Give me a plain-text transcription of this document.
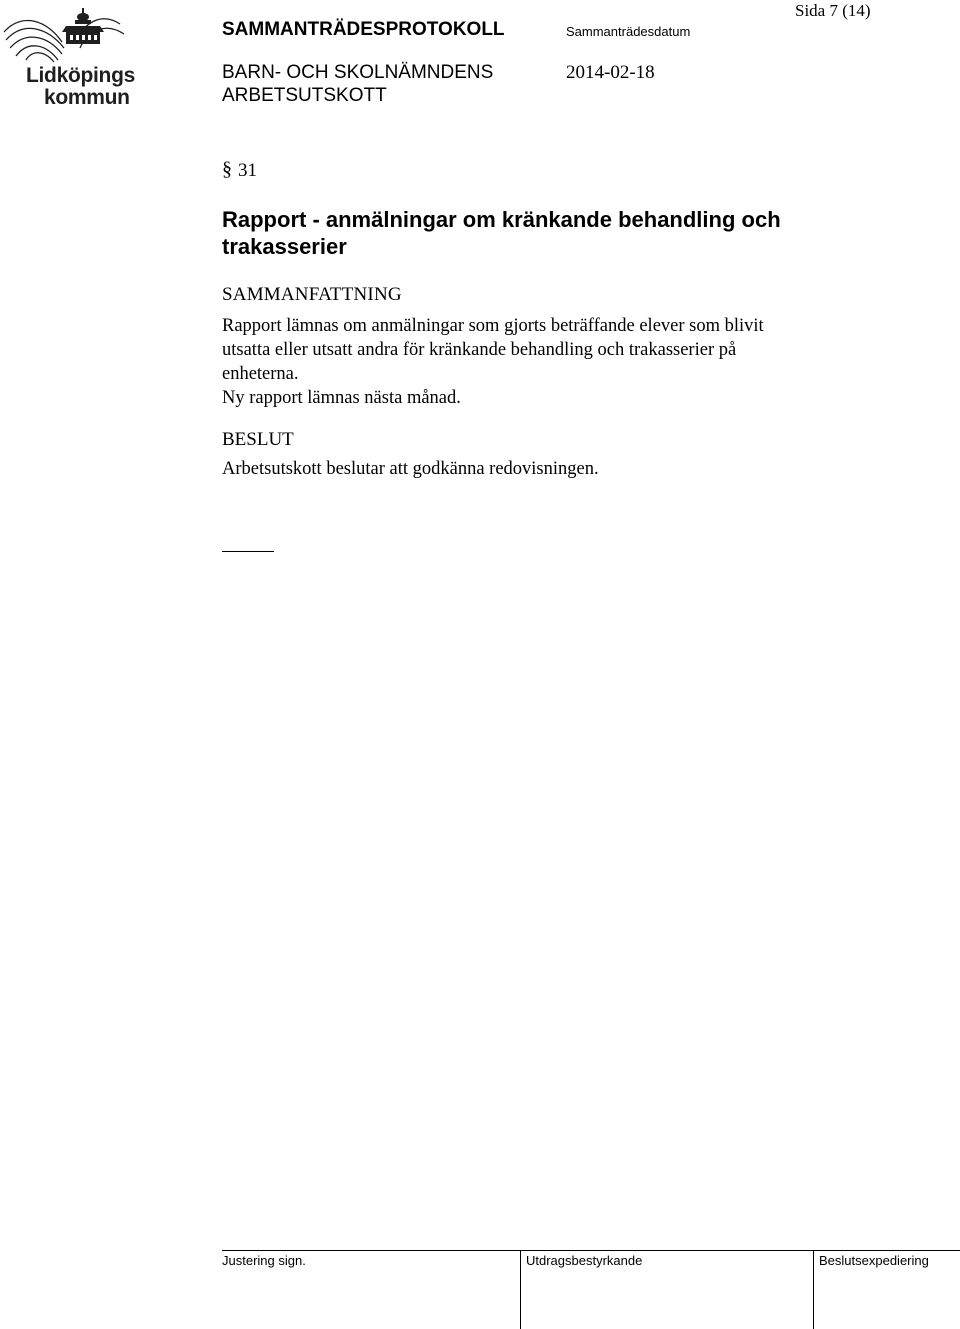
Lidköpings
kommun
Sida 7 (14)
SAMMANTRÄDESPROTOKOLL	Sammanträdesdatum
BARN- OCH SKOLNÄMNDENS
ARBETSUTSKOTT
2014-02-18
§ 31
Rapport - anmälningar om kränkande behandling och trakasserier
SAMMANFATTNING
Rapport lämnas om anmälningar som gjorts beträffande elever som blivit
utsatta eller utsatt andra för kränkande behandling och trakasserier på
enheterna.
Ny rapport lämnas nästa månad.
BESLUT
Arbetsutskott beslutar att godkänna redovisningen.
Justering sign.	Utdragsbestyrkande	Beslutsexpediering
